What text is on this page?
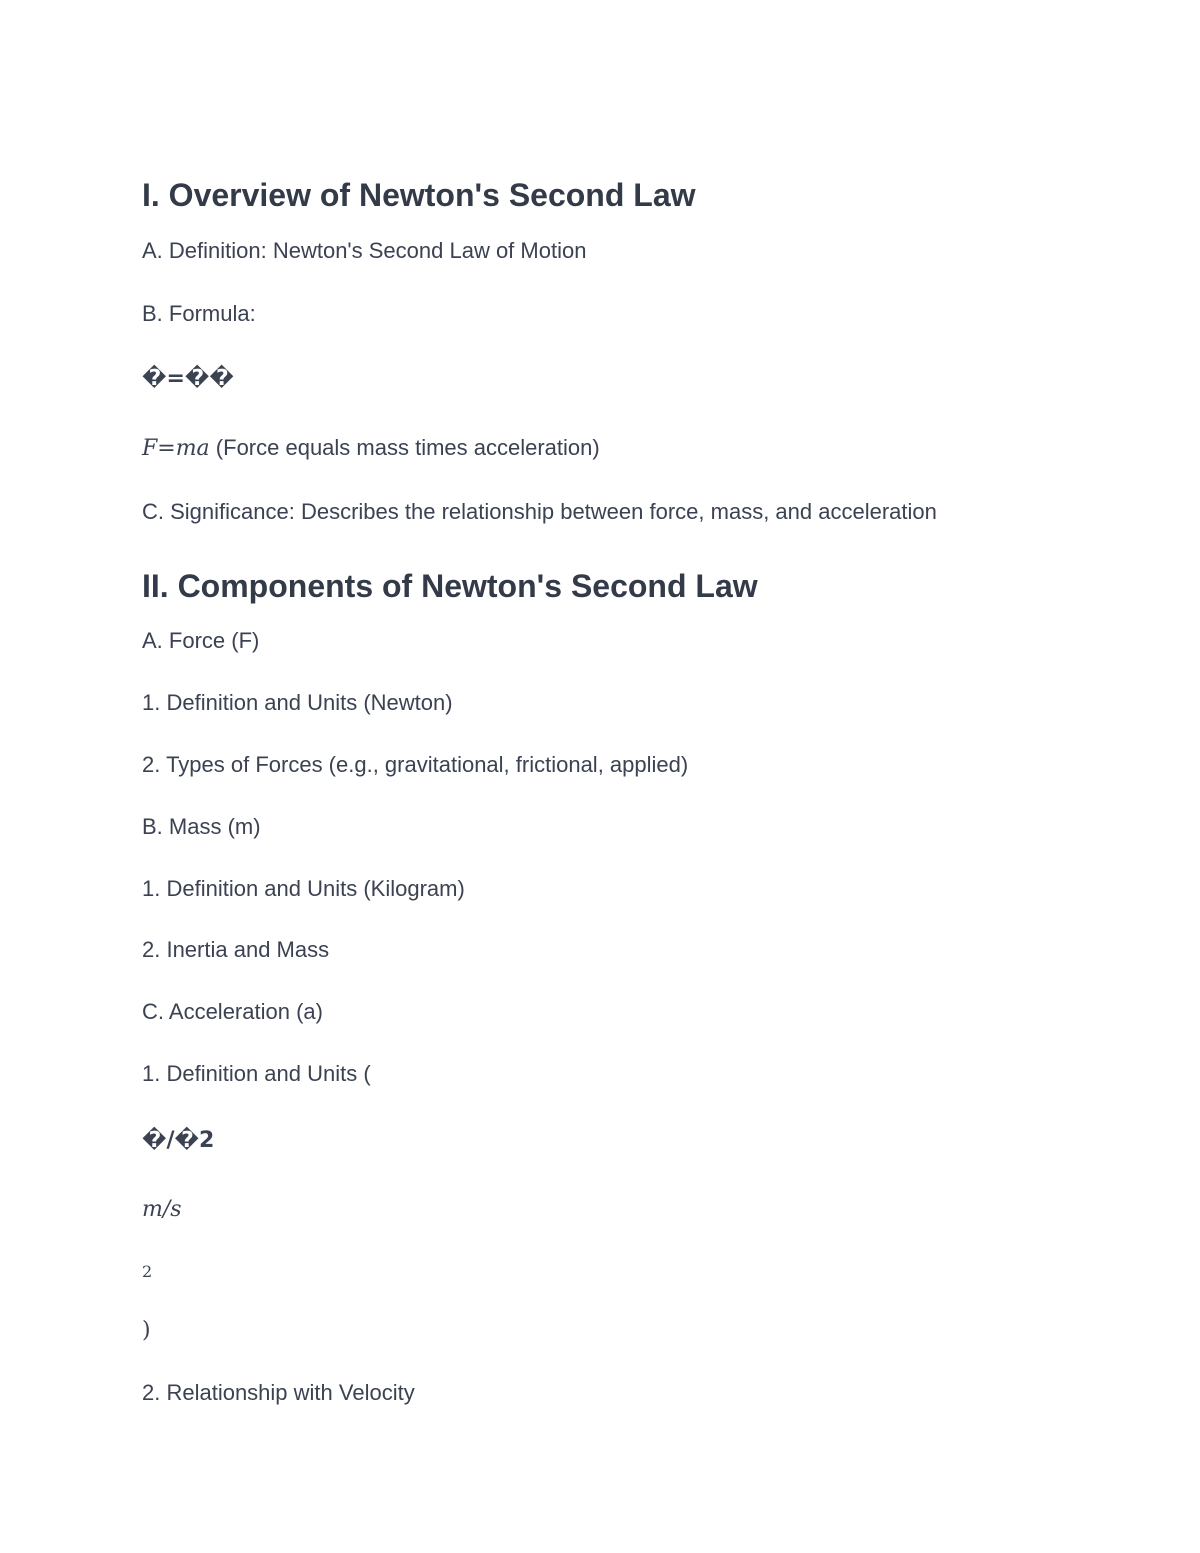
I. Overview of Newton's Second Law
A. Definition: Newton's Second Law of Motion
B. Formula:
�=��
F=ma (Force equals mass times acceleration)
C. Significance: Describes the relationship between force, mass, and acceleration
II. Components of Newton's Second Law
A. Force (F)
1. Definition and Units (Newton)
2. Types of Forces (e.g., gravitational, frictional, applied)
B. Mass (m)
1. Definition and Units (Kilogram)
2. Inertia and Mass
C. Acceleration (a)
1. Definition and Units (
�/�2
m/s
2
)
2. Relationship with Velocity
